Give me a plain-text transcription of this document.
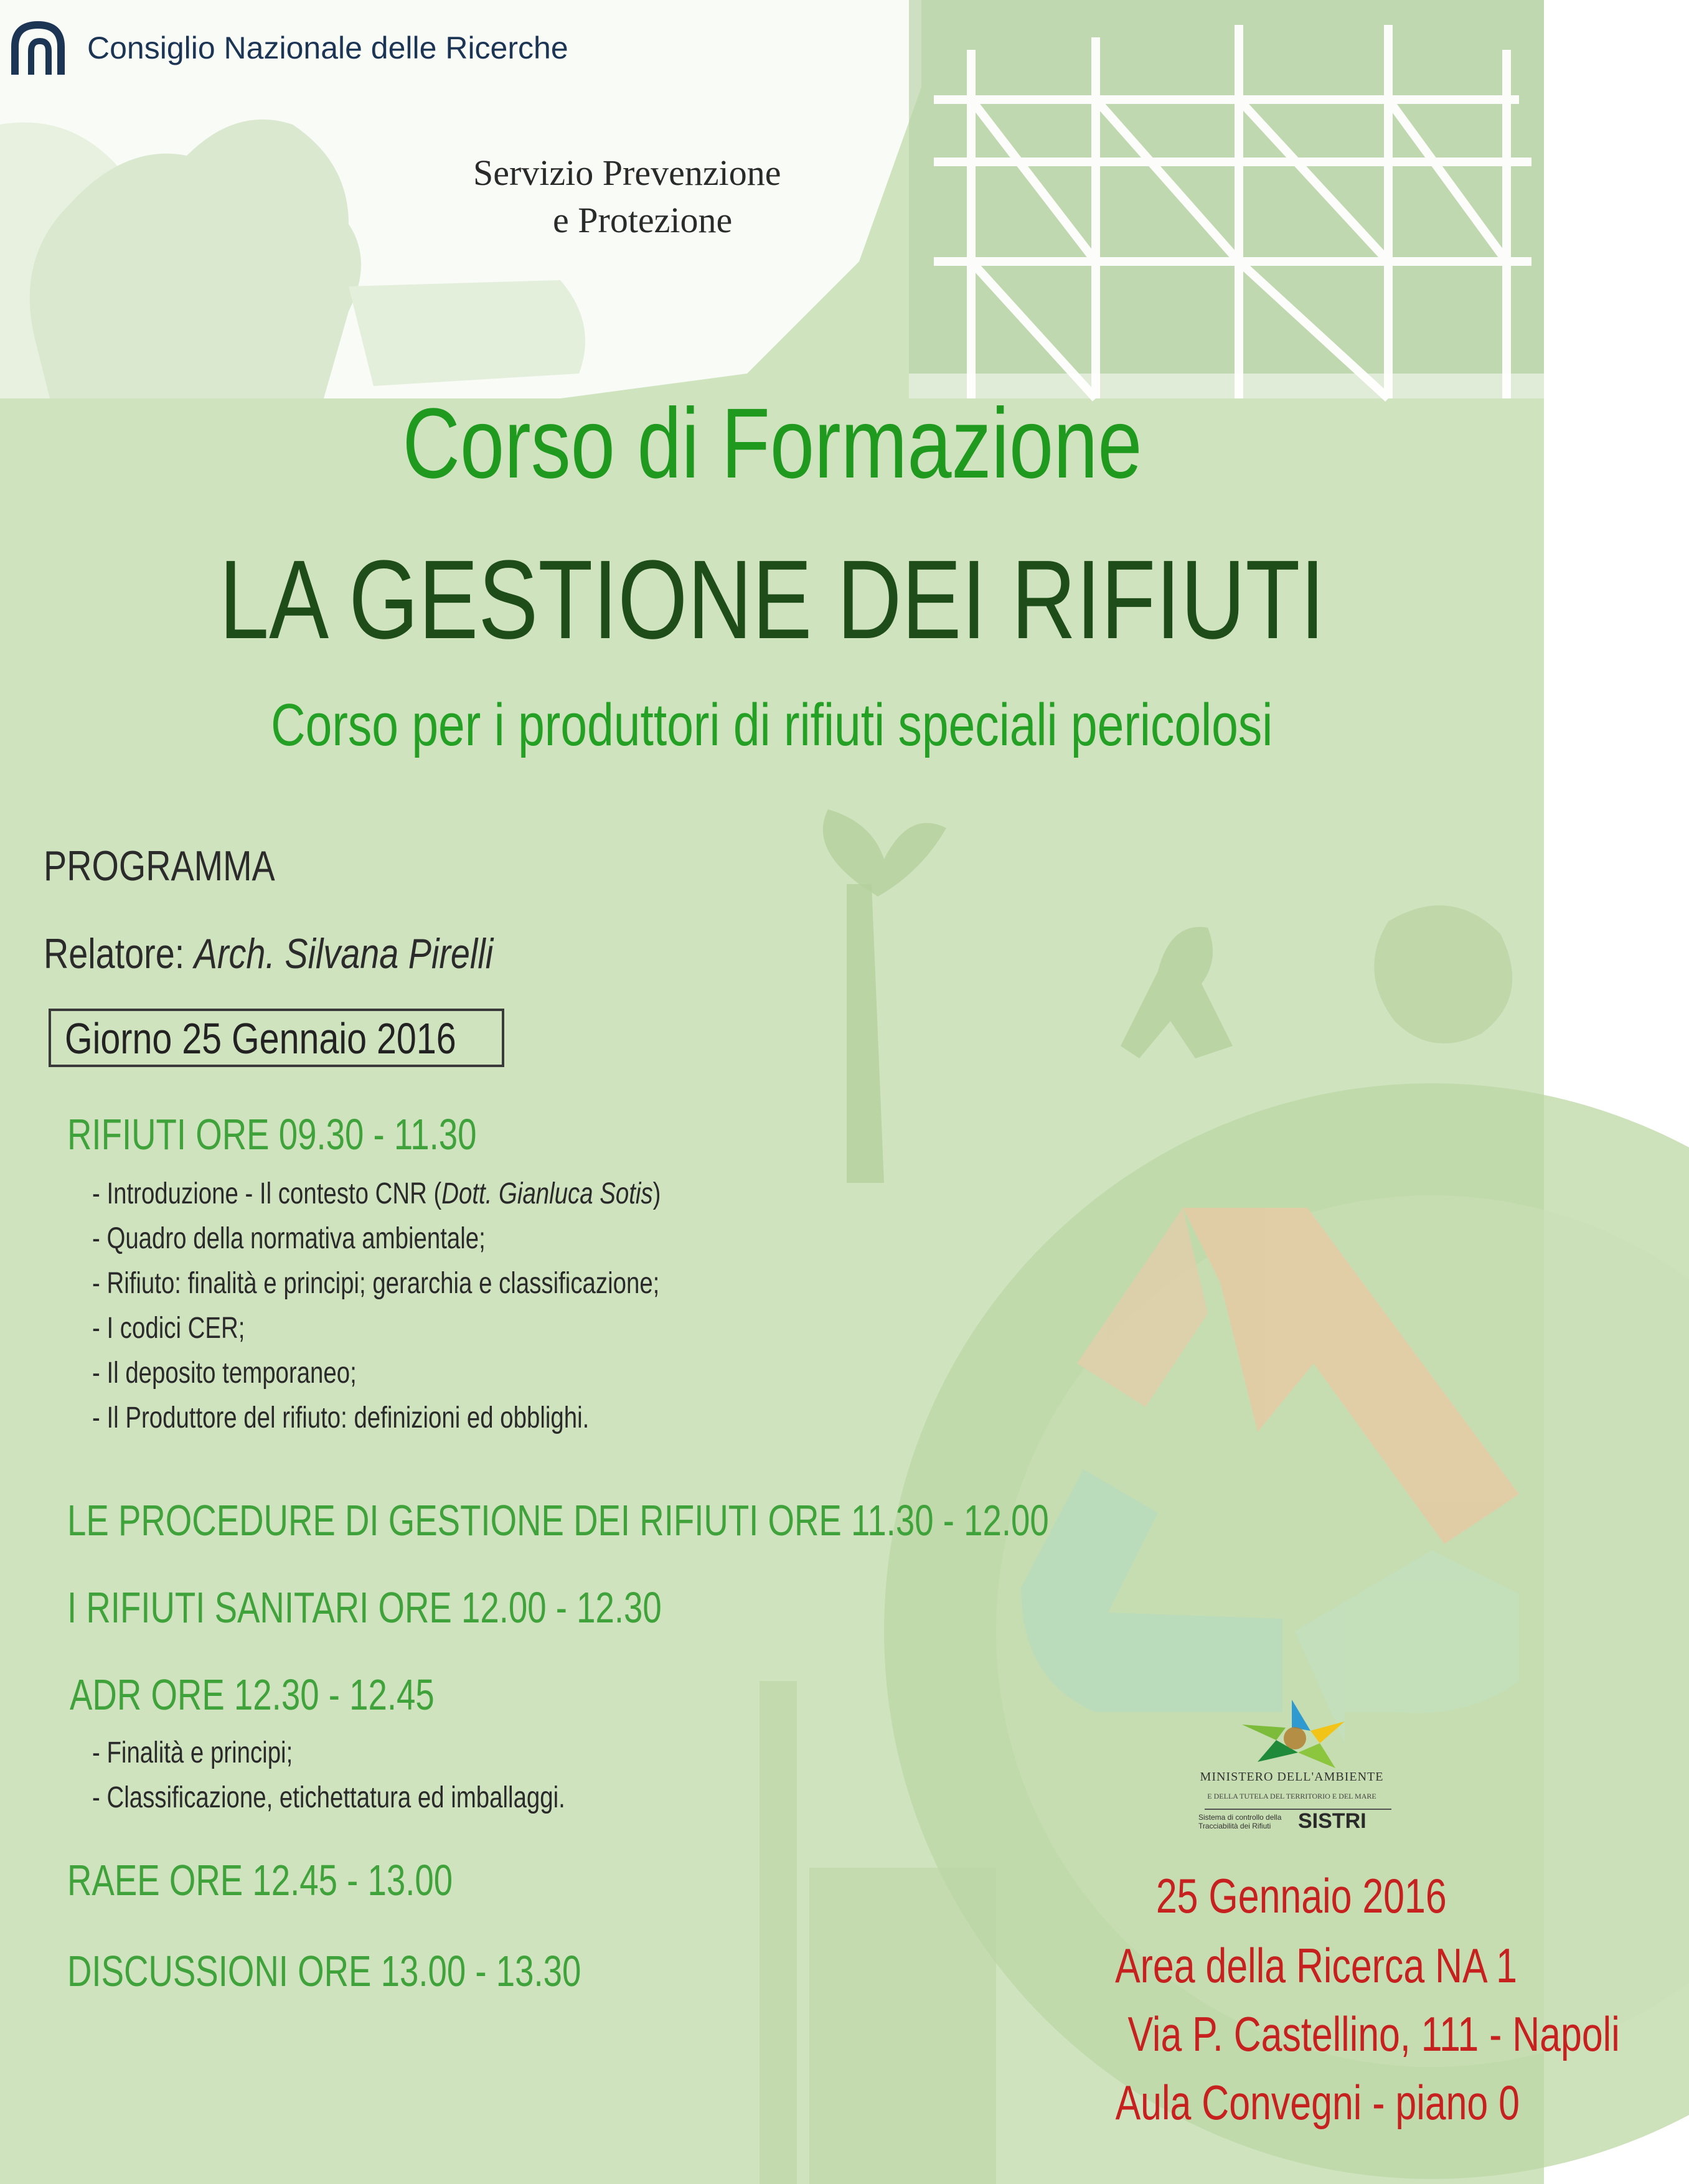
Consiglio Nazionale delle Ricerche
Servizio Prevenzione
e Protezione
Corso di Formazione
LA GESTIONE DEI RIFIUTI
Corso per i produttori di rifiuti speciali pericolosi
PROGRAMMA
Relatore: Arch. Silvana Pirelli
Giorno 25 Gennaio 2016
RIFIUTI ORE 09.30 - 11.30
- Introduzione - Il contesto CNR (Dott. Gianluca Sotis)
- Quadro della normativa ambientale;
- Rifiuto: finalità e principi; gerarchia e classificazione;
- I codici CER;
- Il deposito temporaneo;
- Il Produttore del rifiuto: definizioni ed obblighi.
LE PROCEDURE DI GESTIONE DEI RIFIUTI ORE 11.30 - 12.00
I RIFIUTI SANITARI ORE 12.00 - 12.30
ADR ORE 12.30 - 12.45
- Finalità e principi;
- Classificazione, etichettatura ed imballaggi.
RAEE ORE 12.45 - 13.00
DISCUSSIONI ORE 13.00 - 13.30
MINISTERO DELL'AMBIENTE
E DELLA TUTELA DEL TERRITORIO E DEL MARE
Sistema di controllo della Tracciabilità dei Rifiuti	SISTRI
25 Gennaio 2016
Area della Ricerca NA 1
Via P. Castellino, 111 - Napoli
Aula Convegni - piano 0
